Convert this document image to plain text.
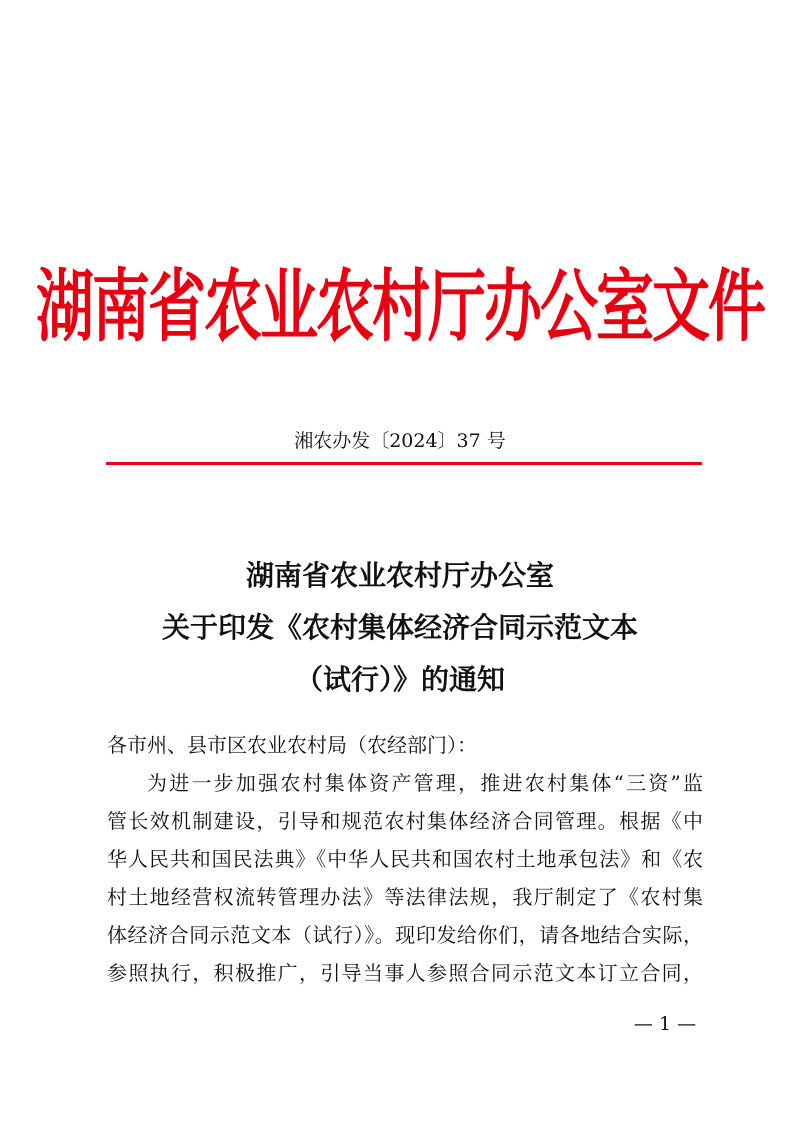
湖南省农业农村厅办公室文件
湘农办发〔2024〕37 号
湖南省农业农村厅办公室
关于印发《农村集体经济合同示范文本
（试行）》的通知
各市州、县市区农业农村局（农经部门）：
为进一步加强农村集体资产管理，推进农村集体“三资”监
管长效机制建设，引导和规范农村集体经济合同管理。根据《中
华人民共和国民法典》《中华人民共和国农村土地承包法》和《农
村土地经营权流转管理办法》等法律法规，我厅制定了《农村集
体经济合同示范文本（试行）》。现印发给你们，请各地结合实际，
参照执行，积极推广，引导当事人参照合同示范文本订立合同，
— 1 —
